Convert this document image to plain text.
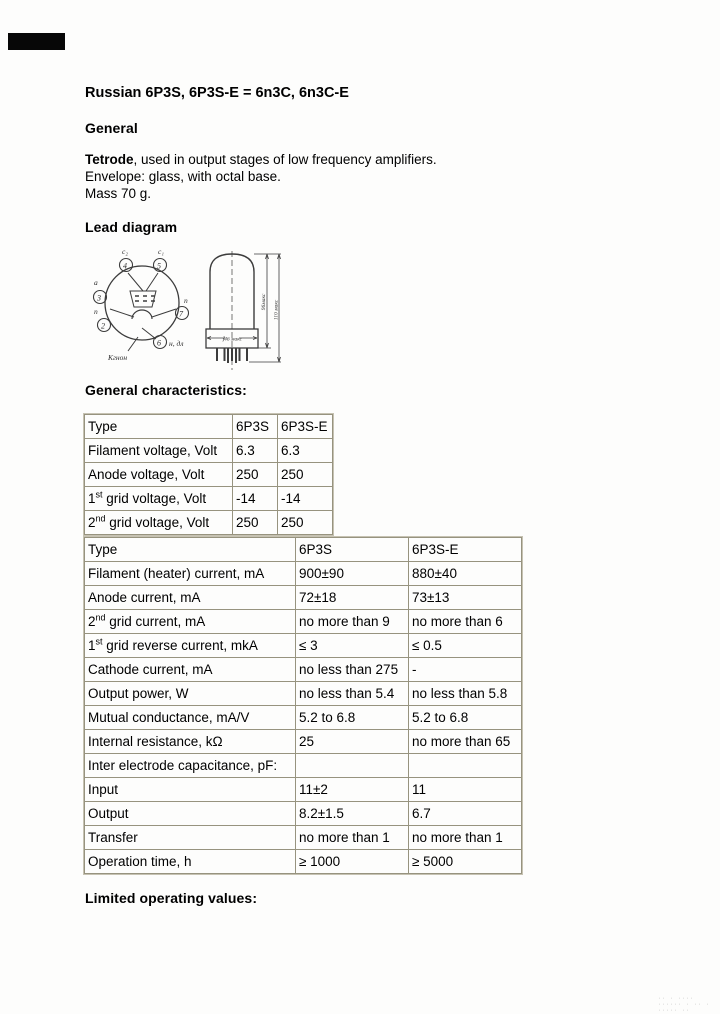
Russian 6P3S, 6P3S-E = 6n3C, 6n3C-E
General
Tetrode, used in output stages of low frequency amplifiers.
Envelope: glass, with octal base.
Mass 70 g.
Lead diagram
4
c₂
5
c₁
3
a
2
п	7
п
6 н, дл
Кгнон
⁆46 макс
96макс 110 макс
General characteristics:
Type	6P3S	6P3S-E
Filament voltage, Volt	6.3	6.3
Anode voltage, Volt	250	250
1st grid voltage, Volt	-14	-14
2nd grid voltage, Volt	250	250
Type	6P3S	6P3S-E
Filament (heater) current, mA	900±90	880±40
Anode current, mA	72±18	73±13
2nd grid current, mA	no more than 9	no more than 6
1st grid reverse current, mkA	≤ 3	≤ 0.5
Cathode current, mA	no less than 275	-
Output power, W	no less than 5.4	no less than 5.8
Mutual conductance, mA/V	5.2 to 6.8	5.2 to 6.8
Internal resistance, kΩ	25	no more than 65
Inter electrode capacitance, pF:		
Input	11±2	11
Output	8.2±1.5	6.7
Transfer	no more than 1	no more than 1
Operation time, h	≥ 1000	≥ 5000
Limited operating values:
·· · ···· ······ · ·· · ····· ··
